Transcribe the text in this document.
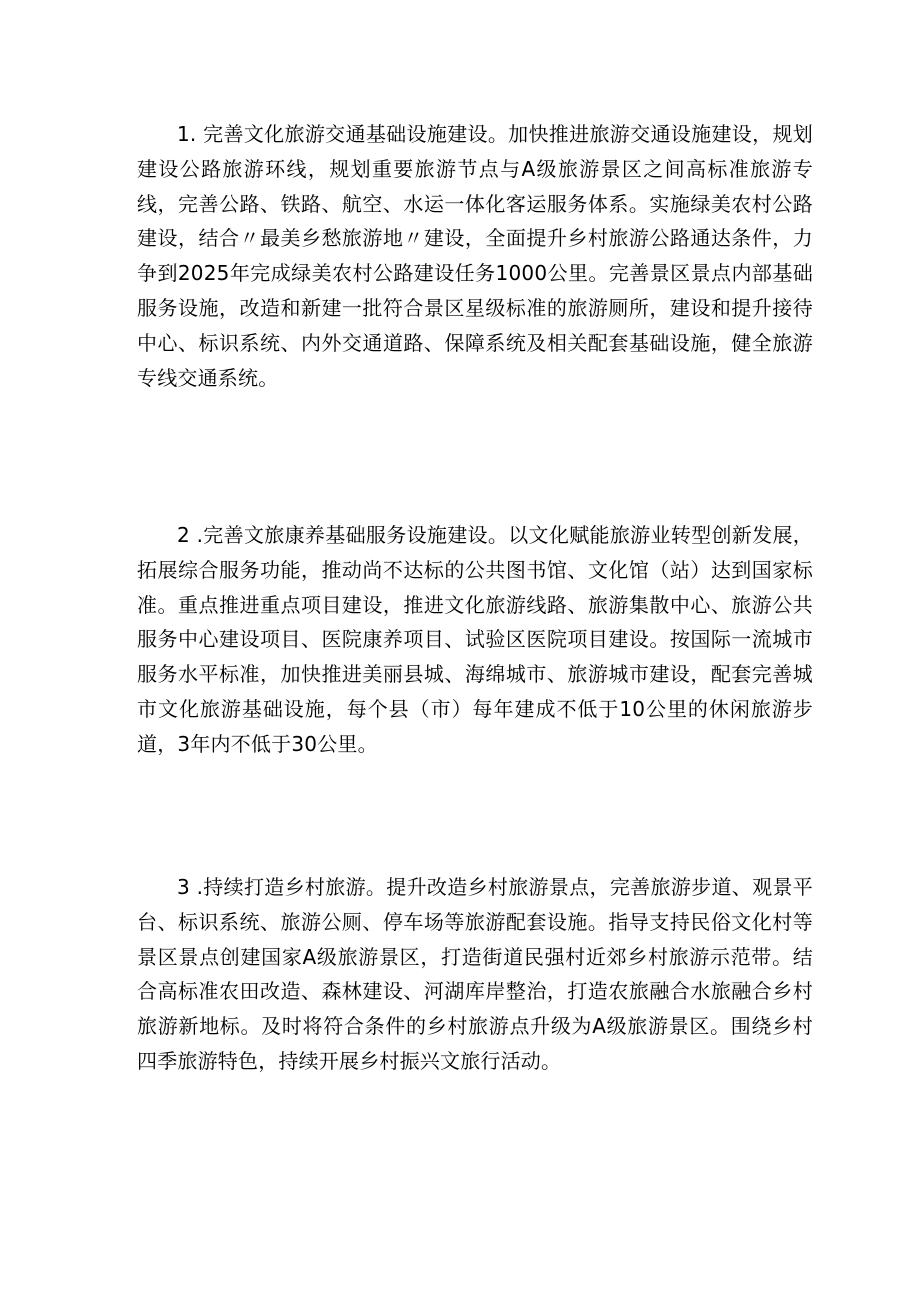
1. 完善文化旅游交通基础设施建设。加快推进旅游交通设施建设，规划建设公路旅游环线，规划重要旅游节点与A级旅游景区之间高标准旅游专线，完善公路、铁路、航空、水运一体化客运服务体系。实施绿美农村公路建设，结合〃最美乡愁旅游地〃建设，全面提升乡村旅游公路通达条件，力争到2025年完成绿美农村公路建设任务1000公里。完善景区景点内部基础服务设施，改造和新建一批符合景区星级标准的旅游厕所，建设和提升接待中心、标识系统、内外交通道路、保障系统及相关配套基础设施，健全旅游专线交通系统。

2 .完善文旅康养基础服务设施建设。以文化赋能旅游业转型创新发展，拓展综合服务功能，推动尚不达标的公共图书馆、文化馆（站）达到国家标准。重点推进重点项目建设，推进文化旅游线路、旅游集散中心、旅游公共服务中心建设项目、医院康养项目、试验区医院项目建设。按国际一流城市服务水平标准，加快推进美丽县城、海绵城市、旅游城市建设，配套完善城市文化旅游基础设施，每个县（市）每年建成不低于10公里的休闲旅游步道，3年内不低于30公里。

3 .持续打造乡村旅游。提升改造乡村旅游景点，完善旅游步道、观景平台、标识系统、旅游公厕、停车场等旅游配套设施。指导支持民俗文化村等景区景点创建国家A级旅游景区，打造街道民强村近郊乡村旅游示范带。结合高标准农田改造、森林建设、河湖库岸整治，打造农旅融合水旅融合乡村旅游新地标。及时将符合条件的乡村旅游点升级为A级旅游景区。围绕乡村四季旅游特色，持续开展乡村振兴文旅行活动。
